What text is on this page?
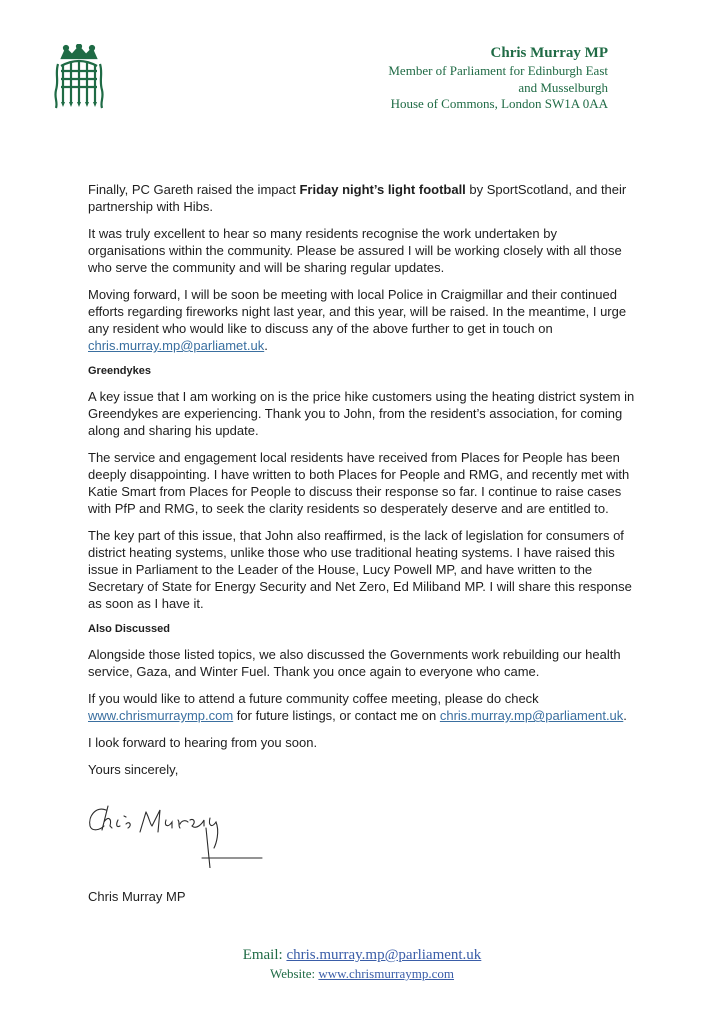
Chris Murray MP
Member of Parliament for Edinburgh East
and Musselburgh
House of Commons, London SW1A 0AA

Finally, PC Gareth raised the impact Friday night’s light football by SportScotland, and their partnership with Hibs.

It was truly excellent to hear so many residents recognise the work undertaken by organisations within the community. Please be assured I will be working closely with all those who serve the community and will be sharing regular updates.

Moving forward, I will be soon be meeting with local Police in Craigmillar and their continued efforts regarding fireworks night last year, and this year, will be raised. In the meantime, I urge any resident who would like to discuss any of the above further to get in touch on chris.murray.mp@parliamet.uk.

Greendykes

A key issue that I am working on is the price hike customers using the heating district system in Greendykes are experiencing. Thank you to John, from the resident’s association, for coming along and sharing his update.

The service and engagement local residents have received from Places for People has been deeply disappointing. I have written to both Places for People and RMG, and recently met with Katie Smart from Places for People to discuss their response so far. I continue to raise cases with PfP and RMG, to seek the clarity residents so desperately deserve and are entitled to.

The key part of this issue, that John also reaffirmed, is the lack of legislation for consumers of district heating systems, unlike those who use traditional heating systems. I have raised this issue in Parliament to the Leader of the House, Lucy Powell MP, and have written to the Secretary of State for Energy Security and Net Zero, Ed Miliband MP. I will share this response as soon as I have it.

Also Discussed

Alongside those listed topics, we also discussed the Governments work rebuilding our health service, Gaza, and Winter Fuel. Thank you once again to everyone who came.

If you would like to attend a future community coffee meeting, please do check www.chrismurraymp.com for future listings, or contact me on chris.murray.mp@parliament.uk.

I look forward to hearing from you soon.

Yours sincerely,

Chris Murray MP
Email: chris.murray.mp@parliament.uk
Website: www.chrismurraymp.com
